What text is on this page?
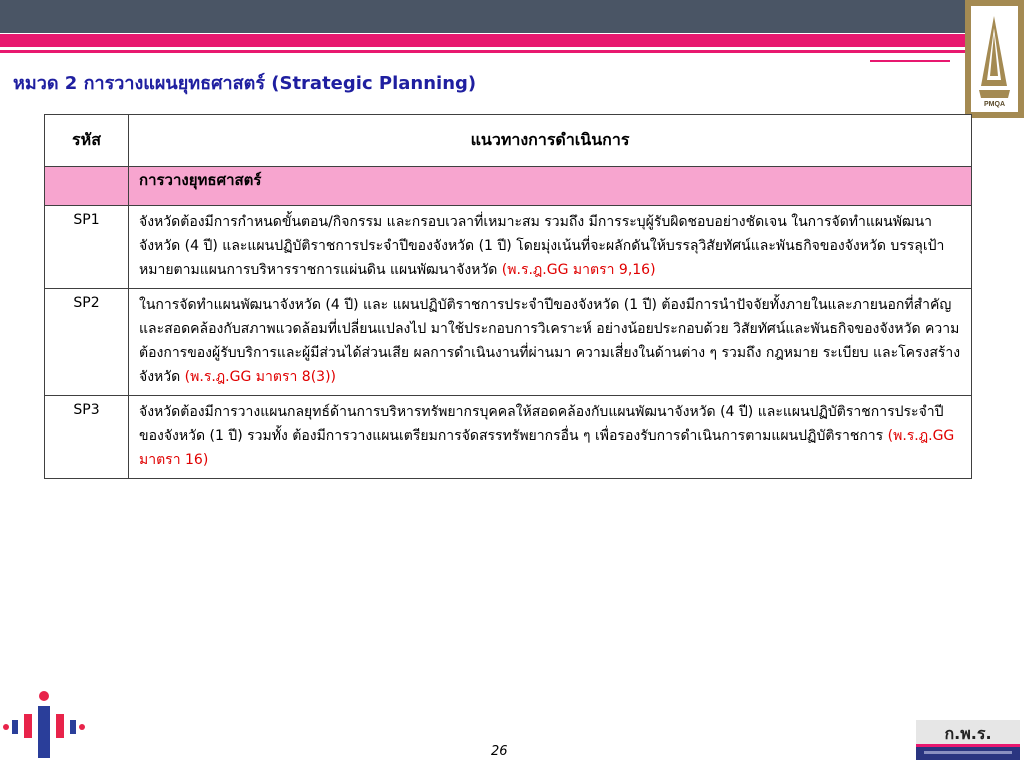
PMQA
หมวด 2 การวางแผนยุทธศาสตร์ (Strategic Planning)
รหัส	แนวทางการดำเนินการ
	การวางยุทธศาสตร์
SP1	จังหวัดต้องมีการกำหนดขั้นตอน/กิจกรรม และกรอบเวลาที่เหมาะสม รวมถึง มีการระบุผู้รับผิดชอบอย่างชัดเจน ในการจัดทำแผนพัฒนาจังหวัด (4 ปี) และแผนปฏิบัติราชการประจำปีของจังหวัด (1 ปี) โดยมุ่งเน้นที่จะผลักดันให้บรรลุวิสัยทัศน์และพันธกิจของจังหวัด บรรลุเป้าหมายตามแผนการบริหารราชการแผ่นดิน แผนพัฒนาจังหวัด (พ.ร.ฎ.GG มาตรา 9,16)
SP2	ในการจัดทำแผนพัฒนาจังหวัด (4 ปี) และ แผนปฏิบัติราชการประจำปีของจังหวัด (1 ปี) ต้องมีการนำปัจจัยทั้งภายในและภายนอกที่สำคัญและสอดคล้องกับสภาพแวดล้อมที่เปลี่ยนแปลงไป มาใช้ประกอบการวิเคราะห์ อย่างน้อยประกอบด้วย วิสัยทัศน์และพันธกิจของจังหวัด ความต้องการของผู้รับบริการและผู้มีส่วนได้ส่วนเสีย ผลการดำเนินงานที่ผ่านมา ความเสี่ยงในด้านต่าง ๆ รวมถึง กฎหมาย ระเบียบ และโครงสร้างจังหวัด (พ.ร.ฎ.GG มาตรา 8(3))
SP3	จังหวัดต้องมีการวางแผนกลยุทธ์ด้านการบริหารทรัพยากรบุคคลให้สอดคล้องกับแผนพัฒนาจังหวัด (4 ปี) และแผนปฏิบัติราชการประจำปีของจังหวัด (1 ปี) รวมทั้ง ต้องมีการวางแผนเตรียมการจัดสรรทรัพยากรอื่น ๆ เพื่อรองรับการดำเนินการตามแผนปฏิบัติราชการ (พ.ร.ฎ.GG มาตรา 16)
26
ก.พ.ร.
